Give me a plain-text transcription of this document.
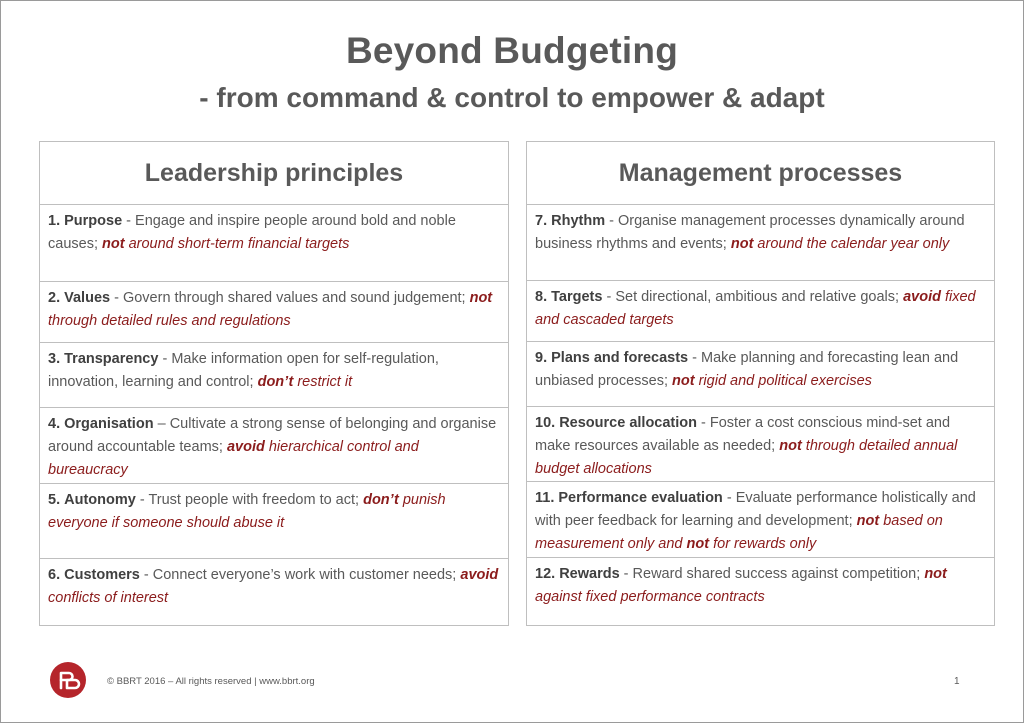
Beyond Budgeting
- from command & control to empower & adapt
Leadership principles
1. Purpose - Engage and inspire people around bold and noble causes; not around short-term financial targets
2. Values - Govern through shared values and sound judgement; not through detailed rules and regulations
3. Transparency - Make information open for self-regulation, innovation, learning and control; don’t restrict it
4. Organisation – Cultivate a strong sense of belonging and organise around accountable teams; avoid hierarchical control and bureaucracy
5. Autonomy - Trust people with freedom to act; don’t punish everyone if someone should abuse it
6. Customers - Connect everyone’s work with customer needs; avoid conflicts of interest
Management processes
7. Rhythm - Organise management processes dynamically around business rhythms and events; not around the calendar year only
8. Targets - Set directional, ambitious and relative goals; avoid fixed and cascaded targets
9. Plans and forecasts - Make planning and forecasting lean and unbiased processes; not rigid and political exercises
10. Resource allocation - Foster a cost conscious mind-set and make resources available as needed; not through detailed annual budget allocations
11. Performance evaluation - Evaluate performance holistically and with peer feedback for learning and development; not based on measurement only and not for rewards only
12. Rewards - Reward shared success against competition; not against fixed performance contracts
© BBRT 2016 – All rights reserved | www.bbrt.org	1
